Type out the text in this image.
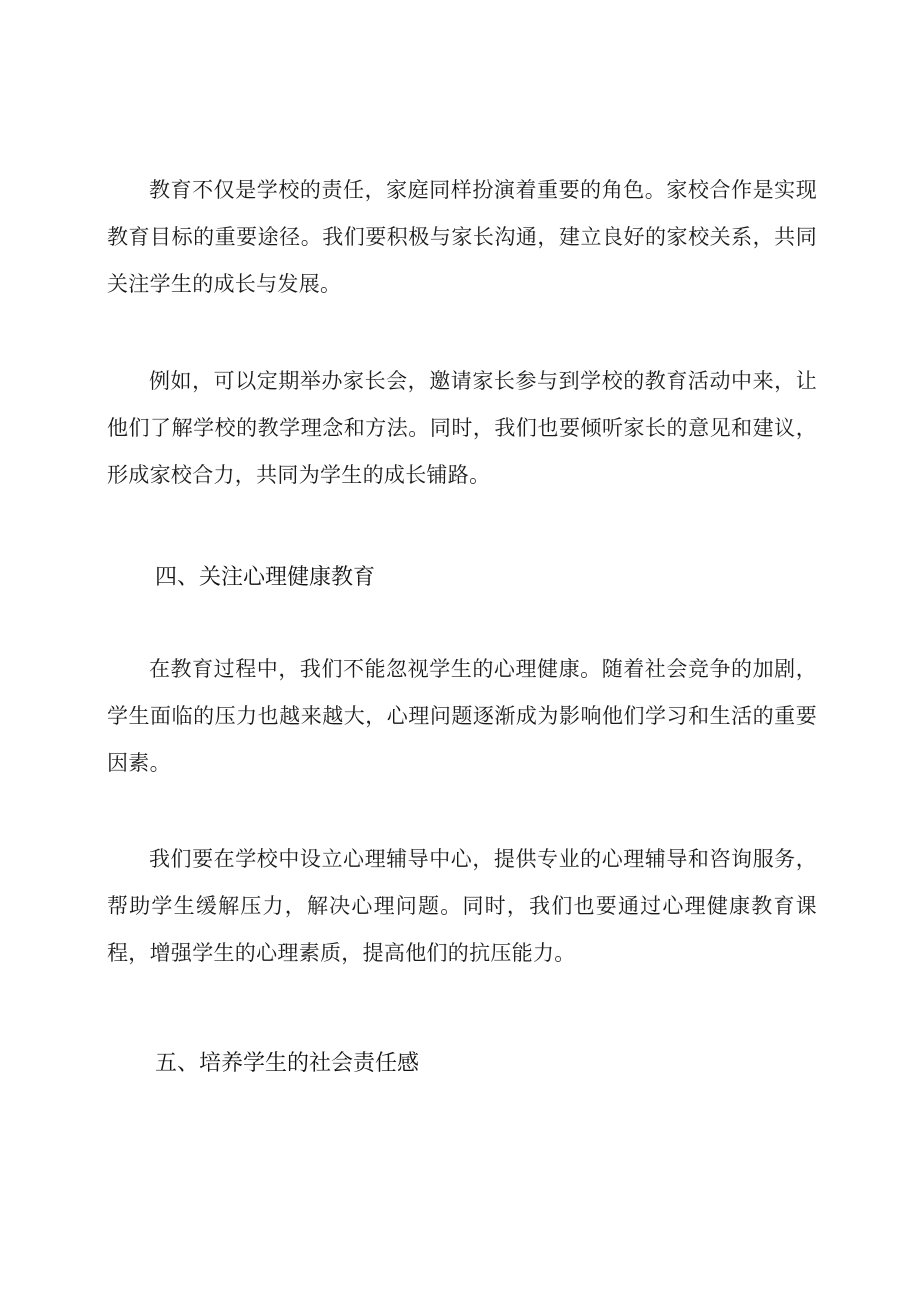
教育不仅是学校的责任，家庭同样扮演着重要的角色。家校合作是实现教育目标的重要途径。我们要积极与家长沟通，建立良好的家校关系，共同关注学生的成长与发展。

例如，可以定期举办家长会，邀请家长参与到学校的教育活动中来，让他们了解学校的教学理念和方法。同时，我们也要倾听家长的意见和建议，形成家校合力，共同为学生的成长铺路。

四、关注心理健康教育

在教育过程中，我们不能忽视学生的心理健康。随着社会竞争的加剧，学生面临的压力也越来越大，心理问题逐渐成为影响他们学习和生活的重要因素。

我们要在学校中设立心理辅导中心，提供专业的心理辅导和咨询服务，帮助学生缓解压力，解决心理问题。同时，我们也要通过心理健康教育课程，增强学生的心理素质，提高他们的抗压能力。

五、培养学生的社会责任感
